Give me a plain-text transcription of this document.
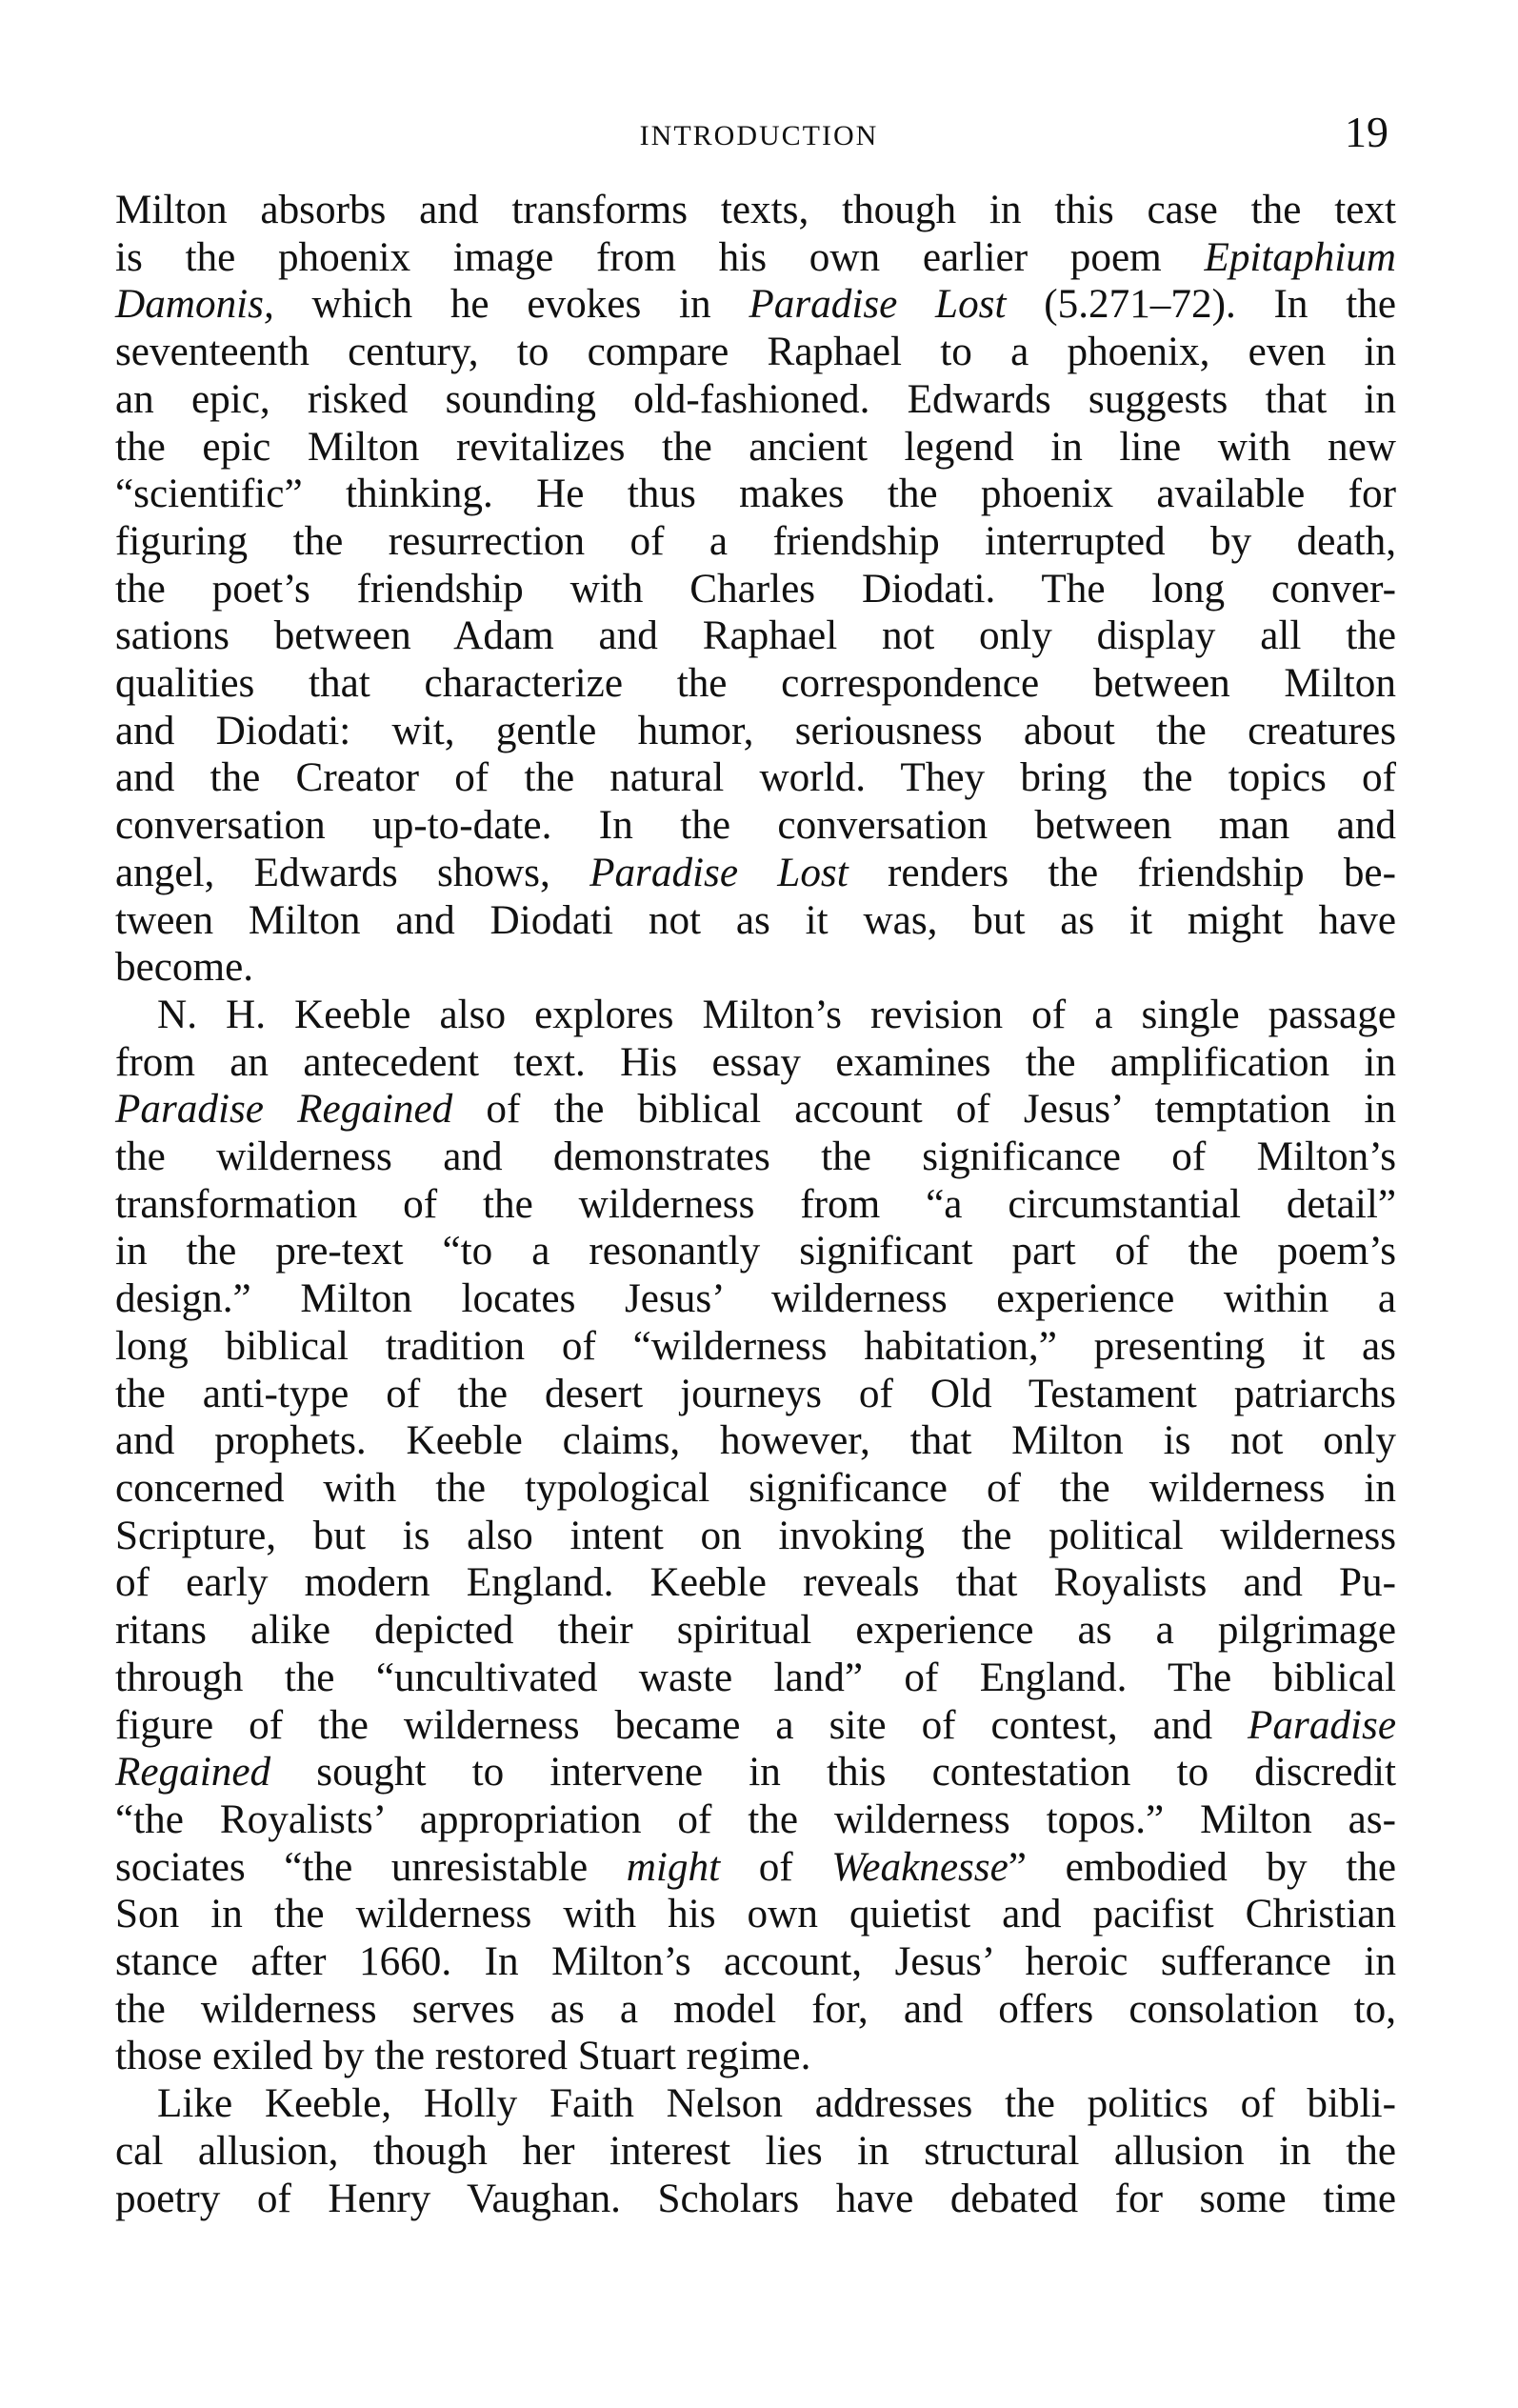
INTRODUCTION	19
Milton absorbs and transforms texts, though in this case the text
is the phoenix image from his own earlier poem Epitaphium
Damonis, which he evokes in Paradise Lost (5.271–72). In the
seventeenth century, to compare Raphael to a phoenix, even in
an epic, risked sounding old-fashioned. Edwards suggests that in
the epic Milton revitalizes the ancient legend in line with new
“scientific” thinking. He thus makes the phoenix available for
figuring the resurrection of a friendship interrupted by death,
the poet’s friendship with Charles Diodati. The long conver-
sations between Adam and Raphael not only display all the
qualities that characterize the correspondence between Milton
and Diodati: wit, gentle humor, seriousness about the creatures
and the Creator of the natural world. They bring the topics of
conversation up-to-date. In the conversation between man and
angel, Edwards shows, Paradise Lost renders the friendship be-
tween Milton and Diodati not as it was, but as it might have
become.
N. H. Keeble also explores Milton’s revision of a single passage
from an antecedent text. His essay examines the amplification in
Paradise Regained of the biblical account of Jesus’ temptation in
the wilderness and demonstrates the significance of Milton’s
transformation of the wilderness from “a circumstantial detail”
in the pre-text “to a resonantly significant part of the poem’s
design.” Milton locates Jesus’ wilderness experience within a
long biblical tradition of “wilderness habitation,” presenting it as
the anti-type of the desert journeys of Old Testament patriarchs
and prophets. Keeble claims, however, that Milton is not only
concerned with the typological significance of the wilderness in
Scripture, but is also intent on invoking the political wilderness
of early modern England. Keeble reveals that Royalists and Pu-
ritans alike depicted their spiritual experience as a pilgrimage
through the “uncultivated waste land” of England. The biblical
figure of the wilderness became a site of contest, and Paradise
Regained sought to intervene in this contestation to discredit
“the Royalists’ appropriation of the wilderness topos.” Milton as-
sociates “the unresistable might of Weaknesse” embodied by the
Son in the wilderness with his own quietist and pacifist Christian
stance after 1660. In Milton’s account, Jesus’ heroic sufferance in
the wilderness serves as a model for, and offers consolation to,
those exiled by the restored Stuart regime.
Like Keeble, Holly Faith Nelson addresses the politics of bibli-
cal allusion, though her interest lies in structural allusion in the
poetry of Henry Vaughan. Scholars have debated for some time
